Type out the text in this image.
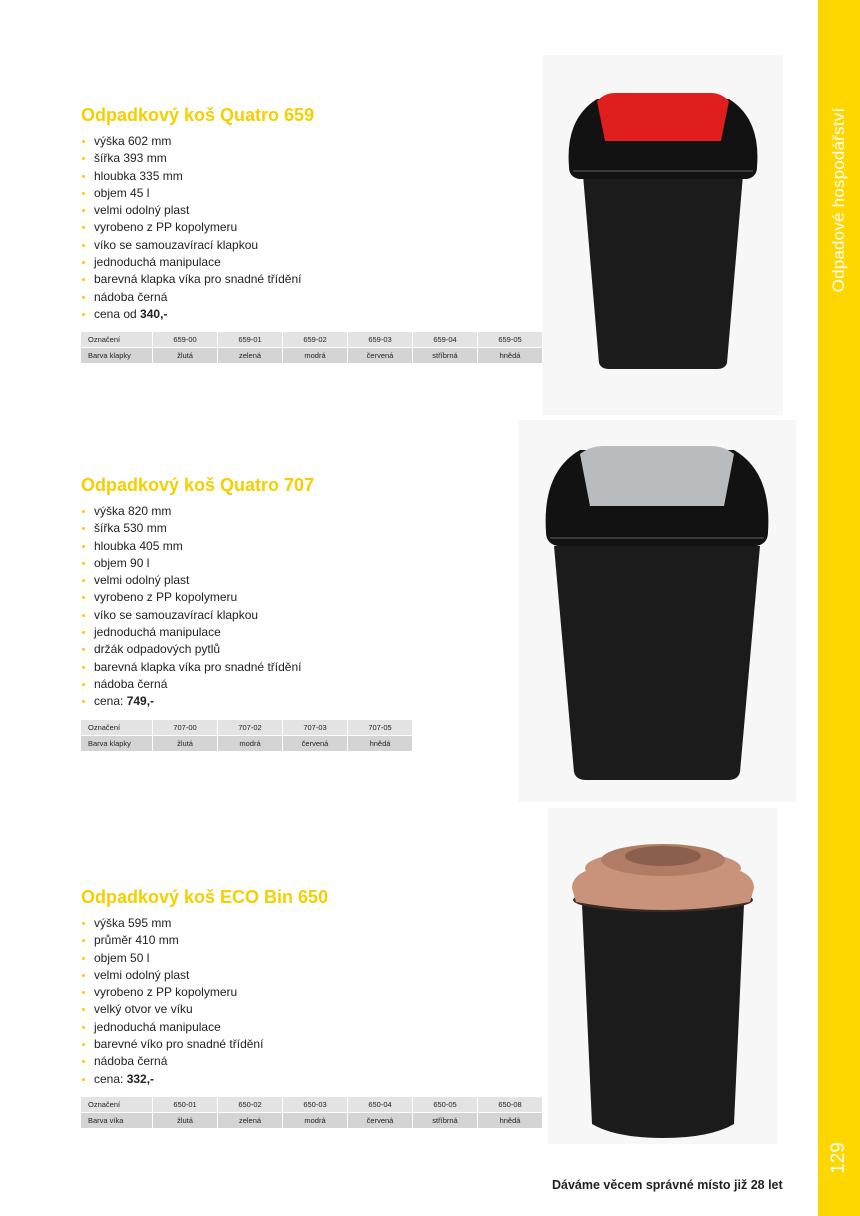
Odpadové hospodářství
129
Odpadkový koš Quatro 659
výška 602 mm
šířka 393 mm
hloubka 335 mm
objem 45 l
velmi odolný plast
vyrobeno z PP kopolymeru
víko se samouzavírací klapkou
jednoduchá manipulace
barevná klapka víka pro snadné třídění
nádoba černá
cena od 340,-
Označení	659-00	659-01	659-02	659-03	659-04	659-05
Barva klapky	žlutá	zelená	modrá	červená	stříbrná	hnědá
Odpadkový koš Quatro 707
výška 820 mm
šířka 530 mm
hloubka 405 mm
objem 90 l
velmi odolný plast
vyrobeno z PP kopolymeru
víko se samouzavírací klapkou
jednoduchá manipulace
držák odpadových pytlů
barevná klapka víka pro snadné třídění
nádoba černá
cena: 749,-
Označení	707-00	707-02	707-03	707-05
Barva klapky	žlutá	modrá	červená	hnědá
Odpadkový koš ECO Bin 650
výška 595 mm
průměr 410 mm
objem 50 l
velmi odolný plast
vyrobeno z PP kopolymeru
velký otvor ve víku
jednoduchá manipulace
barevné víko pro snadné třídění
nádoba černá
cena: 332,-
Označení	650-01	650-02	650-03	650-04	650-05	650-08
Barva víka	žlutá	zelená	modrá	červená	stříbrná	hnědá
Dáváme věcem správné místo již 28 let
